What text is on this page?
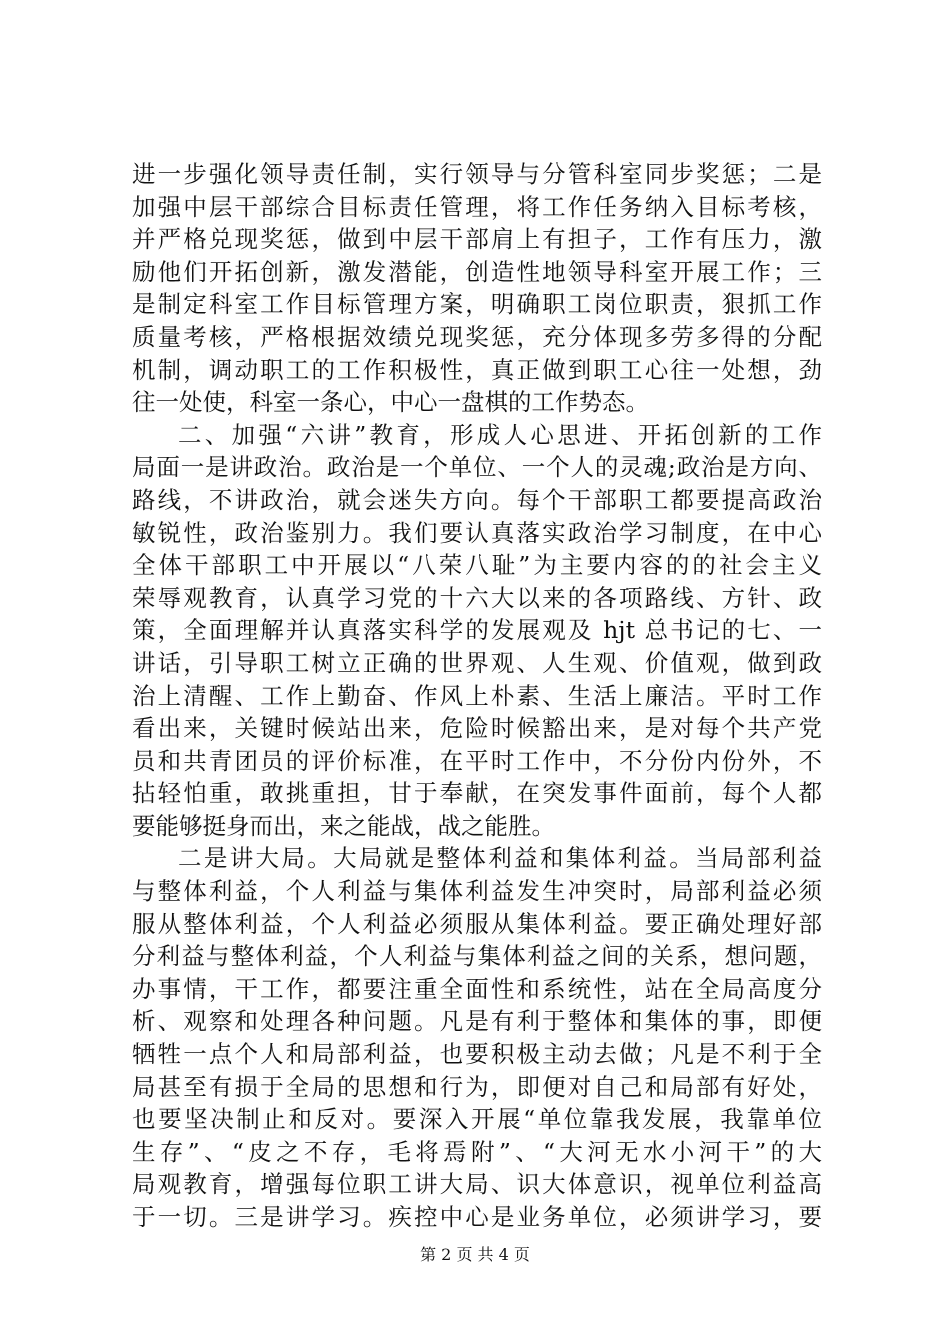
进一步强化领导责任制，实行领导与分管科室同步奖惩；二是
加强中层干部综合目标责任管理，将工作任务纳入目标考核，
并严格兑现奖惩，做到中层干部肩上有担子，工作有压力，激
励他们开拓创新，激发潜能，创造性地领导科室开展工作；三
是制定科室工作目标管理方案，明确职工岗位职责，狠抓工作
质量考核，严格根据效绩兑现奖惩，充分体现多劳多得的分配
机制，调动职工的工作积极性，真正做到职工心往一处想，劲
往一处使，科室一条心，中心一盘棋的工作势态。
二、加强“六讲”教育，形成人心思进、开拓创新的工作
局面一是讲政治。政治是一个单位、一个人的灵魂;政治是方向、
路线，不讲政治，就会迷失方向。每个干部职工都要提高政治
敏锐性，政治鉴别力。我们要认真落实政治学习制度，在中心
全体干部职工中开展以“八荣八耻”为主要内容的的社会主义
荣辱观教育，认真学习党的十六大以来的各项路线、方针、政
策，全面理解并认真落实科学的发展观及 hjt 总书记的七、一
讲话，引导职工树立正确的世界观、人生观、价值观，做到政
治上清醒、工作上勤奋、作风上朴素、生活上廉洁。平时工作
看出来，关键时候站出来，危险时候豁出来，是对每个共产党
员和共青团员的评价标准，在平时工作中，不分份内份外，不
拈轻怕重，敢挑重担，甘于奉献，在突发事件面前，每个人都
要能够挺身而出，来之能战，战之能胜。
二是讲大局。大局就是整体利益和集体利益。当局部利益
与整体利益，个人利益与集体利益发生冲突时，局部利益必须
服从整体利益，个人利益必须服从集体利益。要正确处理好部
分利益与整体利益，个人利益与集体利益之间的关系，想问题，
办事情，干工作，都要注重全面性和系统性，站在全局高度分
析、观察和处理各种问题。凡是有利于整体和集体的事，即便
牺牲一点个人和局部利益，也要积极主动去做；凡是不利于全
局甚至有损于全局的思想和行为，即便对自己和局部有好处，
也要坚决制止和反对。要深入开展“单位靠我发展，我靠单位
生存”、“皮之不存，毛将焉附”、“大河无水小河干”的大
局观教育，增强每位职工讲大局、识大体意识，视单位利益高
于一切。三是讲学习。疾控中心是业务单位，必须讲学习，要
第 2 页 共 4 页
